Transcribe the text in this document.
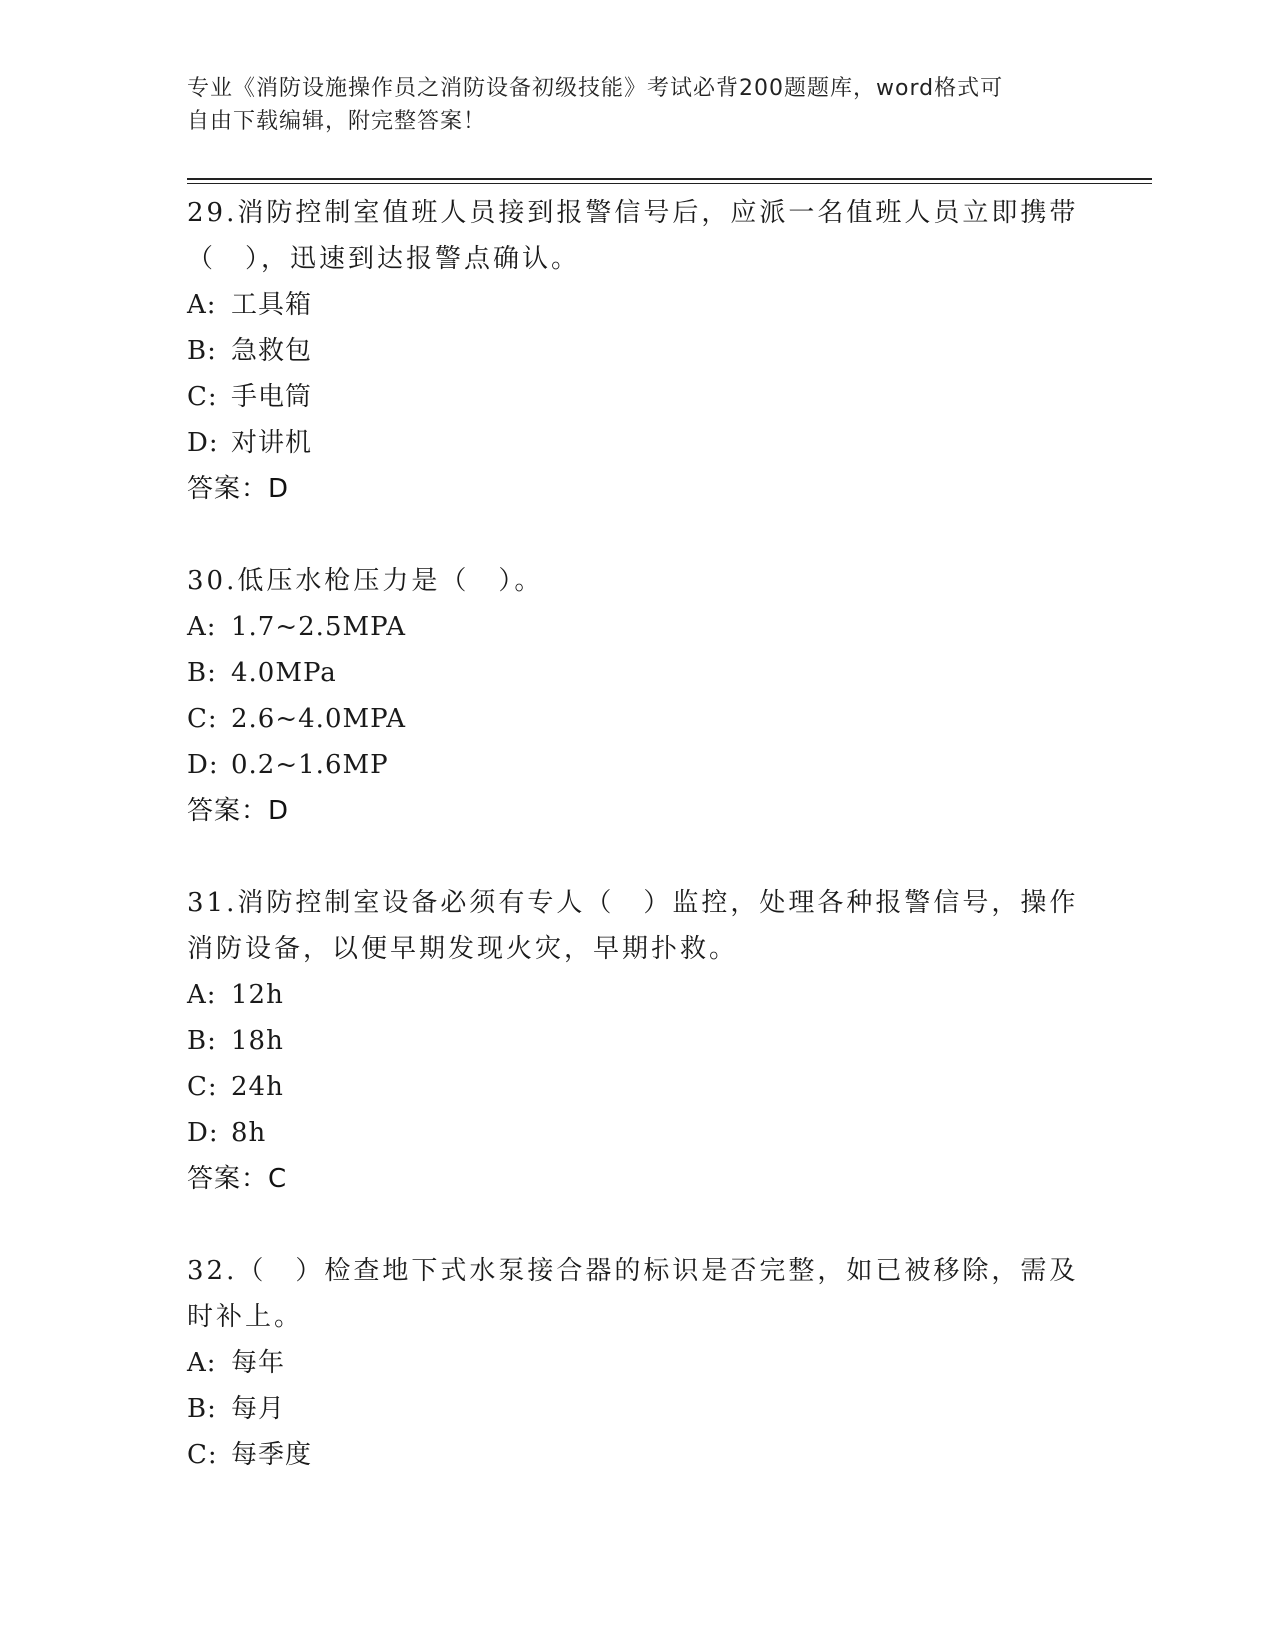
专业《消防设施操作员之消防设备初级技能》考试必背200题题库，word格式可
自由下载编辑，附完整答案！
29.消防控制室值班人员接到报警信号后，应派一名值班人员立即携带
（　），迅速到达报警点确认。
A: 工具箱
B: 急救包
C: 手电筒
D: 对讲机
答案：D
30.低压水枪压力是（　）。
A: 1.7~2.5MPA
B: 4.0MPa
C: 2.6~4.0MPA
D: 0.2~1.6MP
答案：D
31.消防控制室设备必须有专人（　）监控，处理各种报警信号，操作
消防设备，以便早期发现火灾，早期扑救。
A: 12h
B: 18h
C: 24h
D: 8h
答案：C
32.（　）检查地下式水泵接合器的标识是否完整，如已被移除，需及
时补上。
A: 每年
B: 每月
C: 每季度
